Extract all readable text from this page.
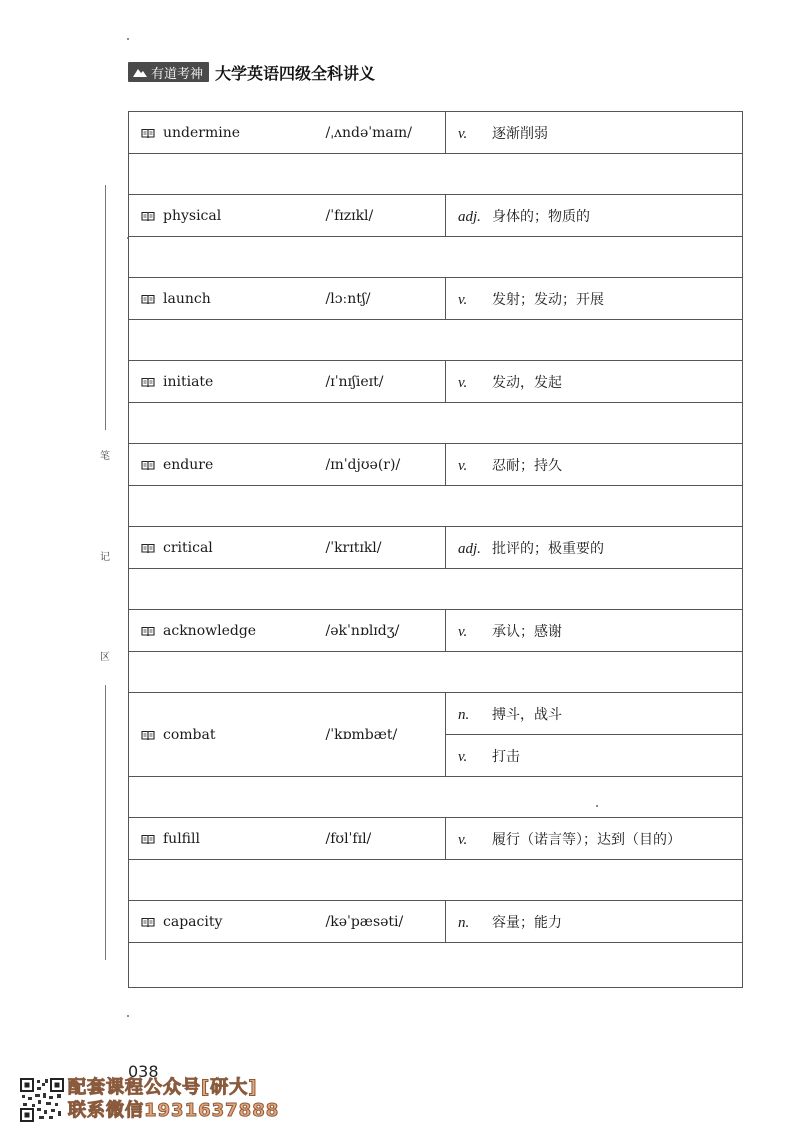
有道考神 大学英语四级全科讲义
笔
记
区
undermine	/ˌʌndəˈmaɪn/	v. 逐渐削弱

physical	/ˈfɪzɪkl/	adj. 身体的；物质的

launch	/lɔːntʃ/	v. 发射；发动；开展

initiate	/ɪˈnɪʃieɪt/	v. 发动，发起

endure	/ɪnˈdjʊə(r)/	v. 忍耐；持久

critical	/ˈkrɪtɪkl/	adj. 批评的；极重要的

acknowledge	/əkˈnɒlɪdʒ/	v. 承认；感谢

combat	/ˈkɒmbæt/	n. 搏斗，战斗
		v. 打击

fulfill	/fʊlˈfɪl/	v. 履行（诺言等）；达到（目的）

capacity	/kəˈpæsəti/	n. 容量；能力

038
配套课程公众号[研大]
联系微信1931637888
